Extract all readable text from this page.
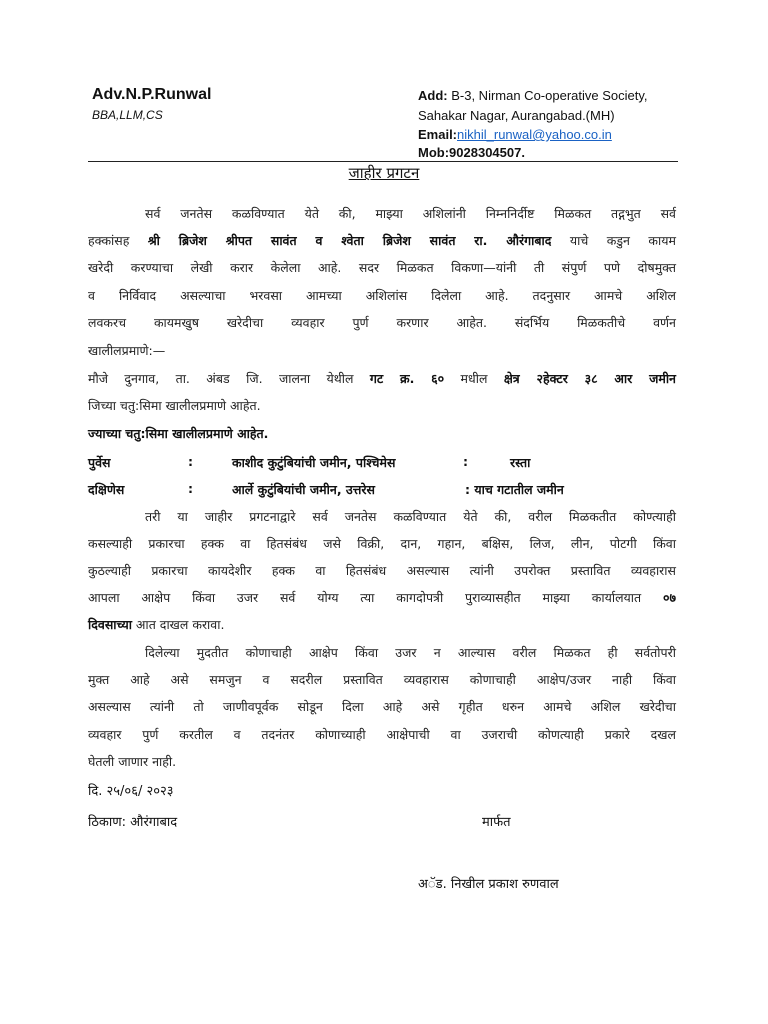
Adv.N.P.Runwal
BBA,LLM,CS
Add: B-3, Nirman Co-operative Society,
Sahakar Nagar, Aurangabad.(MH)
Email:nikhil_runwal@yahoo.co.in
Mob:9028304507.
जाहीर प्रगटन
सर्व जनतेस कळविण्यात येते की, माझ्या अशिलांनी निम्ननिर्दीष्ट मिळकत तद्गभुत सर्व
हक्कांसह श्री ब्रिजेश श्रीपत सावंत व श्वेता ब्रिजेश सावंत रा. औरंगाबाद याचे कडुन कायम
खरेदी करण्याचा लेखी करार केलेला आहे. सदर मिळकत विकणा—यांनी ती संपुर्ण पणे दोषमुक्त
व निर्विवाद असल्याचा भरवसा आमच्या अशिलांस दिलेला आहे. तदनुसार आमचे अशिल
लवकरच कायमखुष खरेदीचा व्यवहार पुर्ण करणार आहेत. संदर्भिय मिळकतीचे वर्णन
खालीलप्रमाणे:—
मौजे दुनगाव, ता. अंबड जि. जालना येथील गट क्र. ६० मधील क्षेत्र २हेक्टर ३८ आर जमीन
जिच्या चतु:सिमा खालीलप्रमाणे आहेत.
ज्याच्या चतु:सिमा खालीलप्रमाणे आहेत.
तरी या जाहीर प्रगटनाद्वारे सर्व जनतेस कळविण्यात येते की, वरील मिळकतीत कोण्त्याही
कसल्याही प्रकारचा हक्क वा हितसंबंध जसे विक्री, दान, गहान, बक्षिस, लिज, लीन, पोटगी किंवा
कुठल्याही प्रकारचा कायदेशीर हक्क वा हितसंबंध असल्यास त्यांनी उपरोक्त प्रस्तावित व्यवहारास
आपला आक्षेप किंवा उजर सर्व योग्य त्या कागदोपत्री पुराव्यासहीत माझ्या कार्यालयात ०७
दिवसाच्या आत दाखल करावा.
दिलेल्या मुदतीत कोणाचाही आक्षेप किंवा उजर न आल्यास वरील मिळकत ही सर्वतोपरी
मुक्त आहे असे समजुन व सदरील प्रस्तावित व्यवहारास कोणाचाही आक्षेप/उजर नाही किंवा
असल्यास त्यांनी तो जाणीवपूर्वक सोडून दिला आहे असे गृहीत धरुन आमचे अशिल खरेदीचा
व्यवहार पुर्ण करतील व तदनंतर कोणाच्याही आक्षेपाची वा उजराची कोणत्याही प्रकारे दखल
घेतली जाणार नाही.
पुर्वेस	:	काशीद कुटुंबियांची जमीन, पश्चिमेस	:	रस्ता
दक्षिणेस	:	आर्ले कुटुंबियांची जमीन, उत्तरेस	: याच गटातील जमीन
दि. २५/०६/ २०२३
ठिकाण: औरंगाबाद	मार्फत
अॅड. निखील प्रकाश रुणवाल
